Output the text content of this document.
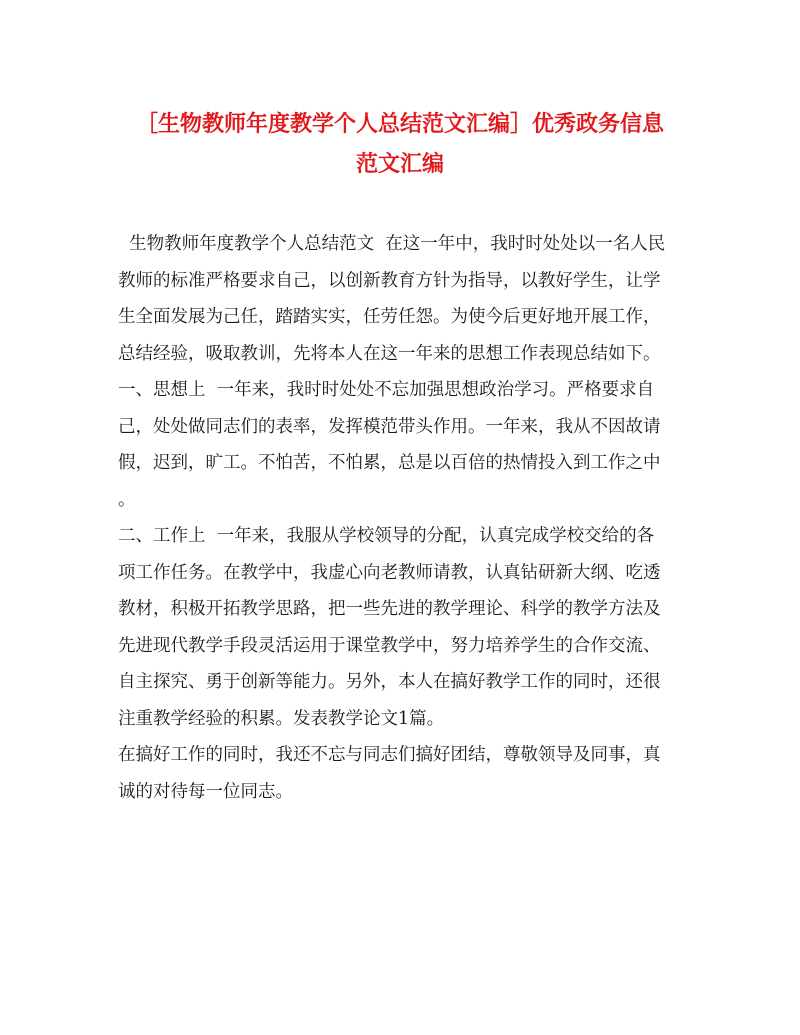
［生物教师年度教学个人总结范文汇编］优秀政务信息
范文汇编
生物教师年度教学个人总结范文  在这一年中，我时时处处以一名人民
教师的标准严格要求自己，以创新教育方针为指导，以教好学生，让学
生全面发展为己任，踏踏实实，任劳任怨。为使今后更好地开展工作，
总结经验，吸取教训，先将本人在这一年来的思想工作表现总结如下。
一、思想上  一年来，我时时处处不忘加强思想政治学习。严格要求自
己，处处做同志们的表率，发挥模范带头作用。一年来，我从不因故请
假，迟到，旷工。不怕苦，不怕累，总是以百倍的热情投入到工作之中
。
二、工作上  一年来，我服从学校领导的分配，认真完成学校交给的各
项工作任务。在教学中，我虚心向老教师请教，认真钻研新大纲、吃透
教材，积极开拓教学思路，把一些先进的教学理论、科学的教学方法及
先进现代教学手段灵活运用于课堂教学中，努力培养学生的合作交流、
自主探究、勇于创新等能力。另外，本人在搞好教学工作的同时，还很
注重教学经验的积累。发表教学论文1篇。
在搞好工作的同时，我还不忘与同志们搞好团结，尊敬领导及同事，真
诚的对待每一位同志。
